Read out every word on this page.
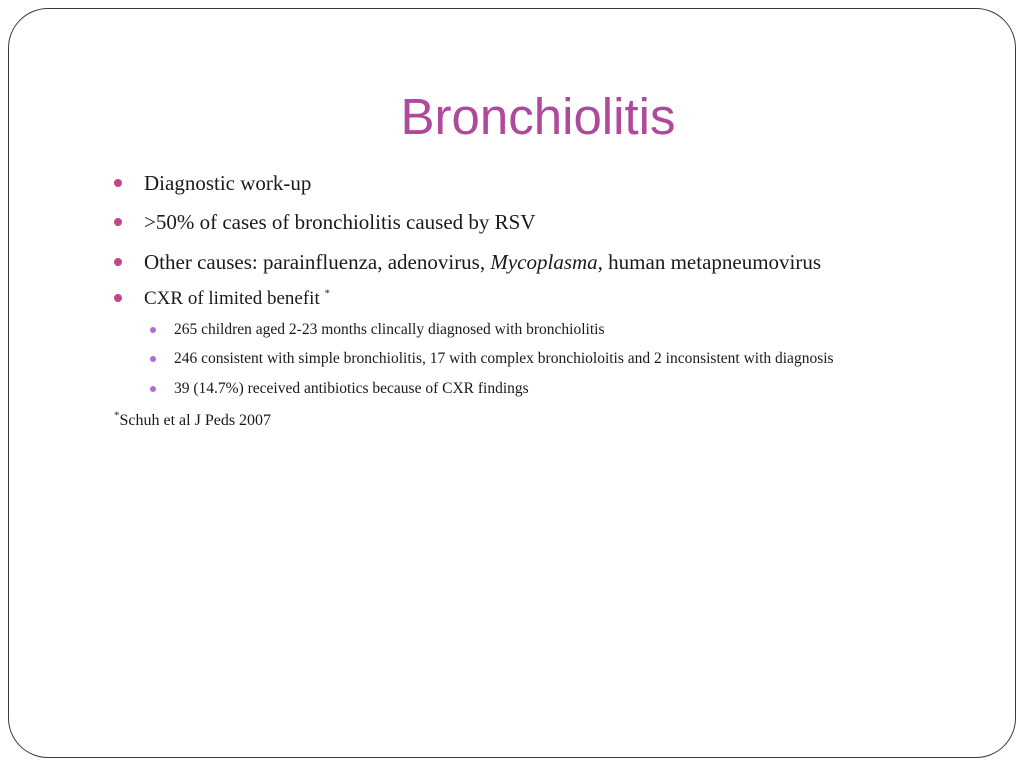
Bronchiolitis
Diagnostic work-up
>50% of cases of bronchiolitis caused by RSV
Other causes: parainfluenza, adenovirus, Mycoplasma, human metapneumovirus
CXR of limited benefit *
265 children aged 2-23 months clincally diagnosed with bronchiolitis
246 consistent with simple bronchiolitis, 17 with complex bronchioloitis and 2 inconsistent with diagnosis
39 (14.7%) received antibiotics because of CXR findings
*Schuh et al J Peds 2007
